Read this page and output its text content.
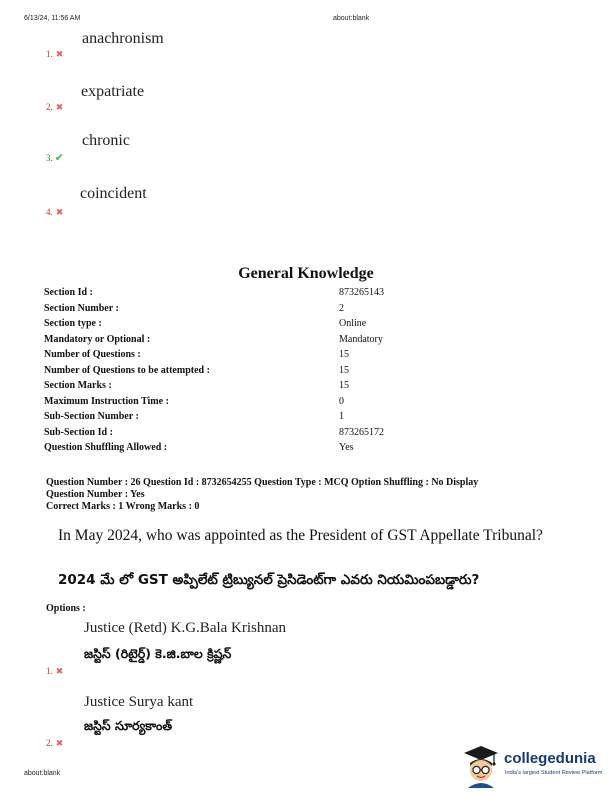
6/13/24, 11:56 AM	about:blank
1. ✖
anachronism
2. ✖
expatriate
3. ✔
chronic
4. ✖
coincident
General Knowledge
Section Id :	873265143
Section Number :	2
Section type :	Online
Mandatory or Optional :	Mandatory
Number of Questions :	15
Number of Questions to be attempted :	15
Section Marks :	15
Maximum Instruction Time :	0
Sub-Section Number :	1
Sub-Section Id :	873265172
Question Shuffling Allowed :	Yes
Question Number : 26 Question Id : 8732654255 Question Type : MCQ Option Shuffling : No Display
Question Number : Yes
Correct Marks : 1 Wrong Marks : 0
In May 2024, who was appointed as the President of GST Appellate Tribunal?
2024 మే లో GST అప్పిలేట్ ట్రిబ్యునల్ ప్రెసిడెంట్‌గా ఎవరు నియమింపబడ్డారు?
Options :
Justice (Retd) K.G.Bala Krishnan
జస్టిస్ (రిటైర్డ్) కె.జి.బాల క్రిష్ణన్
1. ✖
Justice Surya kant
జస్టిస్ సూర్యకాంత్
2. ✖
about:blank
collegedunia
India's largest Student Review Platform
